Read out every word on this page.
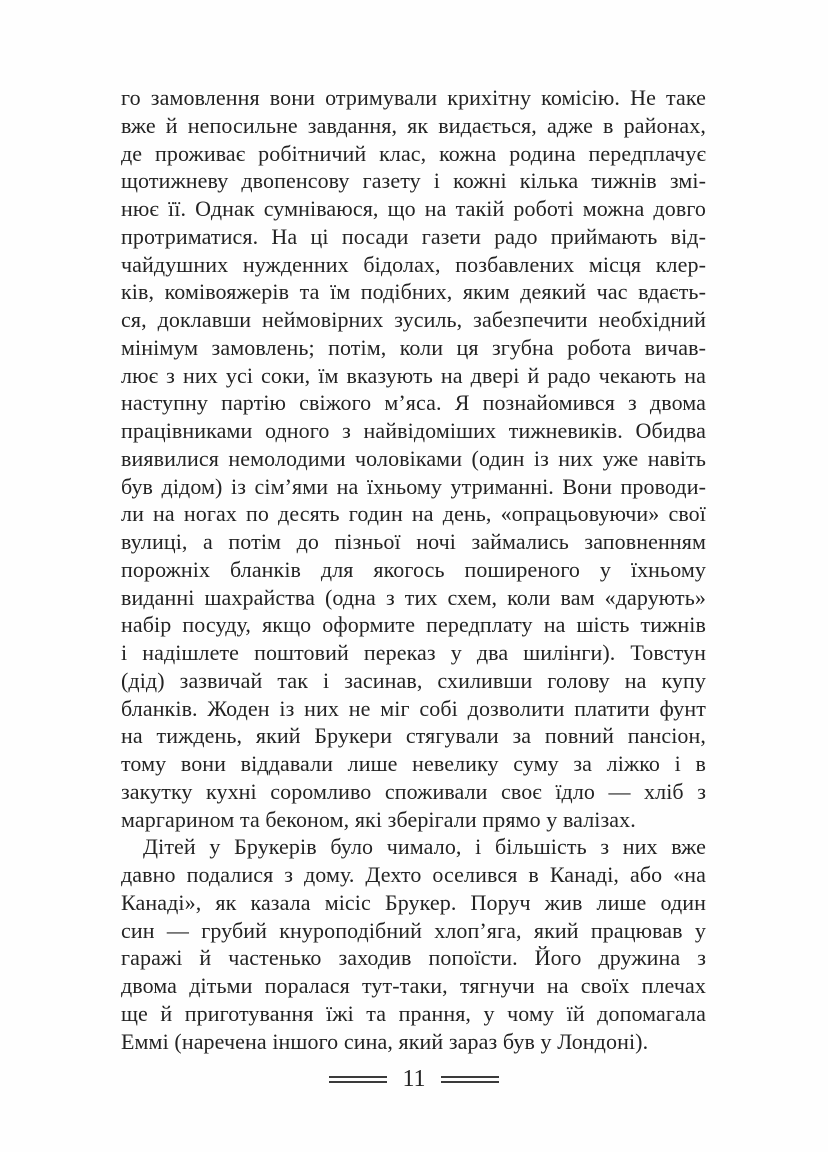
го замовлення вони отримували крихітну комісію. Не таке
вже й непосильне завдання, як видається, адже в районах,
де проживає робітничий клас, кожна родина передплачує
щотижневу двопенсову газету і кожні кілька тижнів змі-
нює її. Однак сумніваюся, що на такій роботі можна довго
протриматися. На ці посади газети радо приймають від-
чайдушних нужденних бідолах, позбавлених місця клер-
ків, комівояжерів та їм подібних, яким деякий час вдаєть-
ся, доклавши неймовірних зусиль, забезпечити необхідний
мінімум замовлень; потім, коли ця згубна робота вичав-
лює з них усі соки, їм вказують на двері й радо чекають на
наступну партію свіжого м’яса. Я познайомився з двома
працівниками одного з найвідоміших тижневиків. Обидва
виявилися немолодими чоловіками (один із них уже навіть
був дідом) із сім’ями на їхньому утриманні. Вони проводи-
ли на ногах по десять годин на день, «опрацьовуючи» свої
вулиці, а потім до пізньої ночі займались заповненням
порожніх бланків для якогось поширеного у їхньому
виданні шахрайства (одна з тих схем, коли вам «дарують»
набір посуду, якщо оформите передплату на шість тижнів
і надішлете поштовий переказ у два шилінги). Товстун
(дід) зазвичай так і засинав, схиливши голову на купу
бланків. Жоден із них не міг собі дозволити платити фунт
на тиждень, який Брукери стягували за повний пансіон,
тому вони віддавали лише невелику суму за ліжко і в
закутку кухні соромливо споживали своє їдло — хліб з
маргарином та беконом, які зберігали прямо у валізах.
Дітей у Брукерів було чимало, і більшість з них вже
давно подалися з дому. Дехто оселився в Канаді, або «на
Канаді», як казала місіс Брукер. Поруч жив лише один
син — грубий кнуроподібний хлоп’яга, який працював у
гаражі й частенько заходив попоїсти. Його дружина з
двома дітьми поралася тут-таки, тягнучи на своїх плечах
ще й приготування їжі та прання, у чому їй допомагала
Еммі (наречена іншого сина, який зараз був у Лондоні).
11
